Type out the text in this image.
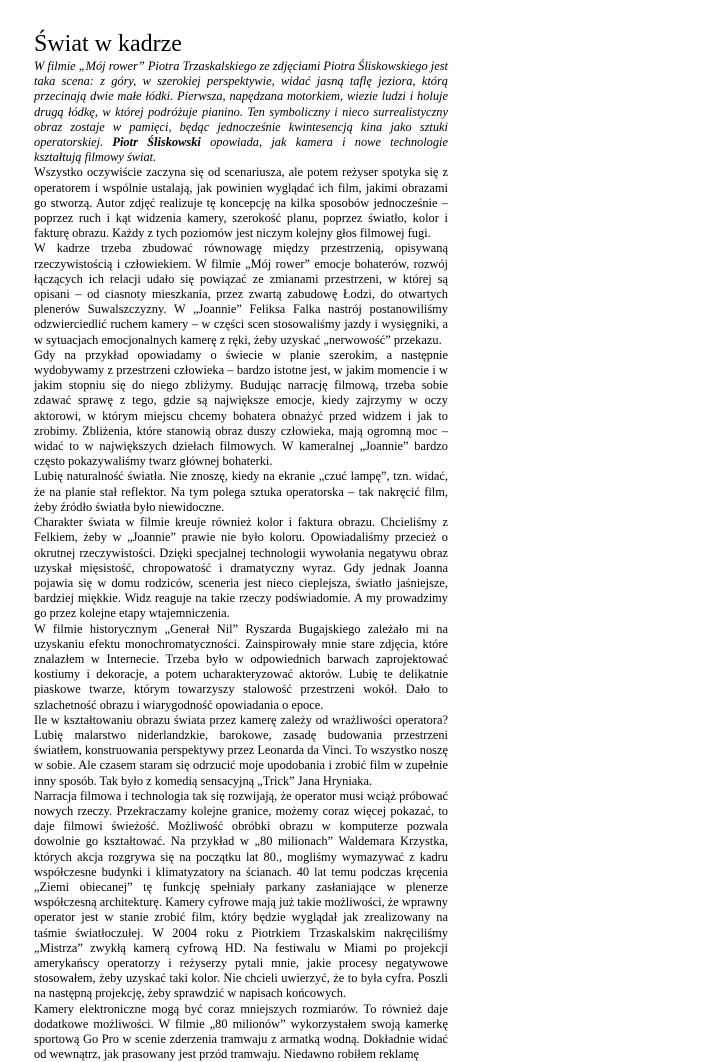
Świat w kadrze

W filmie „Mój rower” Piotra Trzaskalskiego ze zdjęciami Piotra Śliskowskiego jest taka scena: z góry, w szerokiej perspektywie, widać jasną taflę jeziora, którą przecinają dwie małe łódki. Pierwsza, napędzana motorkiem, wiezie ludzi i holuje drugą łódkę, w której podróżuje pianino. Ten symboliczny i nieco surrealistyczny obraz zostaje w pamięci, będąc jednocześnie kwintesencją kina jako sztuki operatorskiej. Piotr Śliskowski opowiada, jak kamera i nowe technologie kształtują filmowy świat.

Wszystko oczywiście zaczyna się od scenariusza, ale potem reżyser spotyka się z operatorem i wspólnie ustalają, jak powinien wyglądać ich film, jakimi obrazami go stworzą. Autor zdjęć realizuje tę koncepcję na kilka sposobów jednocześnie – poprzez ruch i kąt widzenia kamery, szerokość planu, poprzez światło, kolor i fakturę obrazu. Każdy z tych poziomów jest niczym kolejny głos filmowej fugi.

W kadrze trzeba zbudować równowagę między przestrzenią, opisywaną rzeczywistością i człowiekiem. W filmie „Mój rower” emocje bohaterów, rozwój łączących ich relacji udało się powiązać ze zmianami przestrzeni, w której są opisani – od ciasnoty mieszkania, przez zwartą zabudowę Łodzi, do otwartych plenerów Suwalszczyzny. W „Joannie” Feliksa Falka nastrój postanowiliśmy odzwierciedlić ruchem kamery – w części scen stosowaliśmy jazdy i wysięgniki, a w sytuacjach emocjonalnych kamerę z ręki, żeby uzyskać „nerwowość” przekazu.

Gdy na przykład opowiadamy o świecie w planie szerokim, a następnie wydobywamy z przestrzeni człowieka – bardzo istotne jest, w jakim momencie i w jakim stopniu się do niego zbliżymy. Budując narrację filmową, trzeba sobie zdawać sprawę z tego, gdzie są największe emocje, kiedy zajrzymy w oczy aktorowi, w którym miejscu chcemy bohatera obnażyć przed widzem i jak to zrobimy. Zbliżenia, które stanowią obraz duszy człowieka, mają ogromną moc – widać to w największych dziełach filmowych. W kameralnej „Joannie” bardzo często pokazywaliśmy twarz głównej bohaterki.

Lubię naturalność światła. Nie znoszę, kiedy na ekranie „czuć lampę”, tzn. widać, że na planie stał reflektor. Na tym polega sztuka operatorska – tak nakręcić film, żeby źródło światła było niewidoczne.

Charakter świata w filmie kreuje również kolor i faktura obrazu. Chcieliśmy z Felkiem, żeby w „Joannie” prawie nie było koloru. Opowiadaliśmy przecież o okrutnej rzeczywistości. Dzięki specjalnej technologii wywołania negatywu obraz uzyskał mięsistość, chropowatość i dramatyczny wyraz. Gdy jednak Joanna pojawia się w domu rodziców, sceneria jest nieco cieplejsza, światło jaśniejsze, bardziej miękkie. Widz reaguje na takie rzeczy podświadomie. A my prowadzimy go przez kolejne etapy wtajemniczenia.

W filmie historycznym „Generał Nil” Ryszarda Bugajskiego zależało mi na uzyskaniu efektu monochromatyczności. Zainspirowały mnie stare zdjęcia, które znalazłem w Internecie. Trzeba było w odpowiednich barwach zaprojektować kostiumy i dekoracje, a potem ucharakteryzować aktorów. Lubię te delikatnie piaskowe twarze, którym towarzyszy stalowość przestrzeni wokół. Dało to szlachetność obrazu i wiarygodność opowiadania o epoce.

Ile w kształtowaniu obrazu świata przez kamerę zależy od wrażliwości operatora? Lubię malarstwo niderlandzkie, barokowe, zasadę budowania przestrzeni światłem, konstruowania perspektywy przez Leonarda da Vinci. To wszystko noszę w sobie. Ale czasem staram się odrzucić moje upodobania i zrobić film w zupełnie inny sposób. Tak było z komedią sensacyjną „Trick” Jana Hryniaka.

Narracja filmowa i technologia tak się rozwijają, że operator musi wciąż próbować nowych rzeczy. Przekraczamy kolejne granice, możemy coraz więcej pokazać, to daje filmowi świeżość. Możliwość obróbki obrazu w komputerze pozwala dowolnie go kształtować. Na przykład w „80 milionach” Waldemara Krzystka, których akcja rozgrywa się na początku lat 80., mogliśmy wymazywać z kadru współczesne budynki i klimatyzatory na ścianach. 40 lat temu podczas kręcenia „Ziemi obiecanej” tę funkcję spełniały parkany zasłaniające w plenerze współczesną architekturę. Kamery cyfrowe mają już takie możliwości, że wprawny operator jest w stanie zrobić film, który będzie wyglądał jak zrealizowany na taśmie światłoczułej. W 2004 roku z Piotrkiem Trzaskalskim nakręciliśmy „Mistrza” zwykłą kamerą cyfrową HD. Na festiwalu w Miami po projekcji amerykańscy operatorzy i reżyserzy pytali mnie, jakie procesy negatywowe stosowałem, żeby uzyskać taki kolor. Nie chcieli uwierzyć, że to była cyfra. Poszli na następną projekcję, żeby sprawdzić w napisach końcowych.

Kamery elektroniczne mogą być coraz mniejszych rozmiarów. To również daje dodatkowe możliwości. W filmie „80 milionów” wykorzystałem swoją kamerkę sportową Go Pro w scenie zderzenia tramwaju z armatką wodną. Dokładnie widać od wewnątrz, jak prasowany jest przód tramwaju. Niedawno robiłem reklamę
